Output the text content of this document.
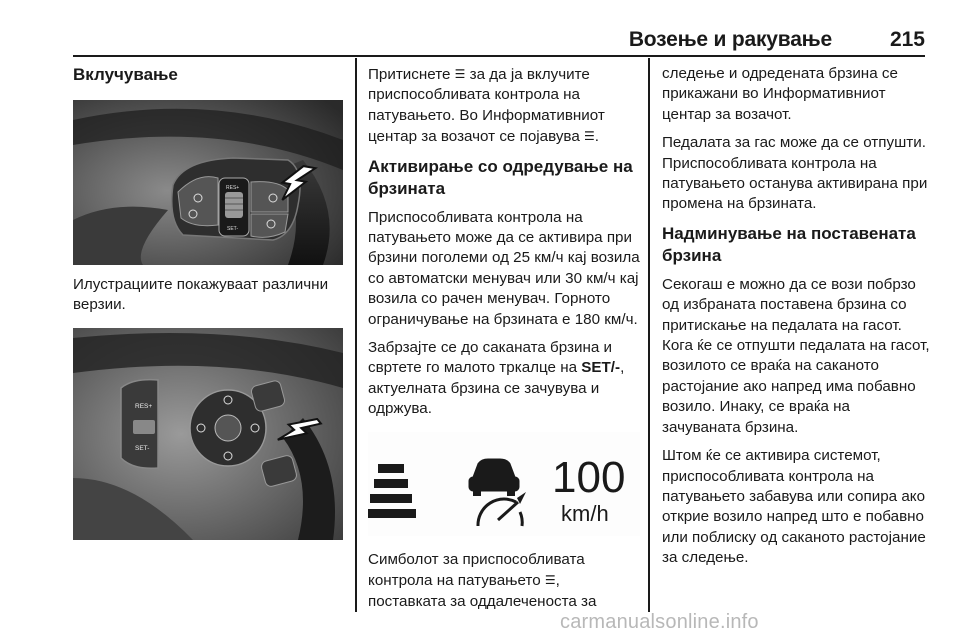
Возење и ракување	215
Вклучување
RES+
SET-

Илустрациите покажуваат различни верзии.

RES+
SET-

Притиснете ☰ за да ја вклучите приспособливата контрола на патувањето. Во Информативниот центар за возачот се појавува ☰.

Активирање со одредување на брзината

Приспособливата контрола на патувањето може да се активира при брзини поголеми од 25 км/ч кај возила со автоматски менувач или 30 км/ч кај возила со рачен менувач. Горното ограничување на брзината е 180 км/ч.

Забрзајте се до саканата брзина и свртете го малото тркалце на SET/-, актуелната брзина се зачувува и одржува.

100
km/h

Симболот за приспособливата контрола на патувањето ☰, поставката за оддалеченоста за

следење и одредената брзина се прикажани во Информативниот центар за возачот.

Педалата за гас може да се отпушти. Приспособливата контрола на патувањето останува активирана при промена на брзината.

Надминување на поставената брзина

Секогаш е можно да се вози побрзо од избраната поставена брзина со притискање на педалата на гасот. Кога ќе се отпушти педалата на гасот, возилото се враќа на саканото растојание ако напред има побавно возило. Инаку, се враќа на зачуваната брзина.

Штом ќе се активира системот, приспособливата контрола на патувањето забавува или сопира ако открие возило напред што е побавно или поблиску од саканото растојание за следење.

carmanualsonline.info
